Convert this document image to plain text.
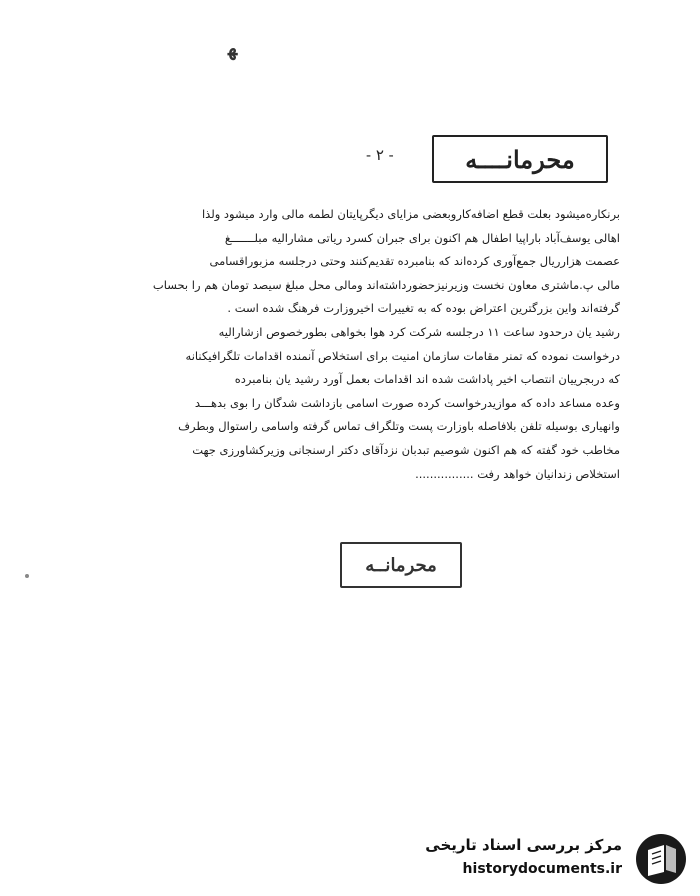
ﻬ
- ۲ -	محرمانــــه
برنكاره‌میشود بعلت قطع اضافه‌كاروبعضی مزایای دیگرپایتان لطمه مالی وارد میشود ولذا
اهالی یوسف‌آباد باراپیا اطفال هم اکنون برای جبران کسرد ریاتی مشارالیه مبلـــــــغ
عصمت هزارریال جمع‌آوری کرده‌اند که بنامبرده تقدیم‌کنند وحتی درجلسه مزبوراقسامی
مالی پ.ماشتری معاون نخست وزیرنیزحضورداشته‌اند ومالی محل مبلغ سیصد تومان هم را بحساب
گرفته‌اند واین بزرگترین اعتراض بوده که به تغییرات اخیروزارت فرهنگ شده است .
رشید یان درحدود ساعت ۱۱ درجلسه شرکت کرد هوا بخواهی بطورخصوص ازشاراليه
درخواست نموده که تمنر مقامات سازمان امنیت برای استخلاص آنمنده اقدامات تلگرافیکنانه
که دربجرییان انتصاب اخیر پاداشت شده اند اقدامات بعمل آورد رشید یان بنامبرده
وعده مساعد داده که موازیدرخواست کرده صورت اسامی بازداشت شدگان را بوی بدهـــد
وانهیاری بوسیله تلفن بلافاصله باوزارت پست وتلگراف تماس گرفته واسامی راستوال وبطرف
مخاطب خود گفته که هم اکنون شوصیم تبدبان نزدآقای دکتر ارسنجانی وزیرکشاورزی جهت
استخلاص زندانیان خواهد رفت ................
محرمانــه
مرکز بررسی اسناد تاریخی
historydocuments.ir
